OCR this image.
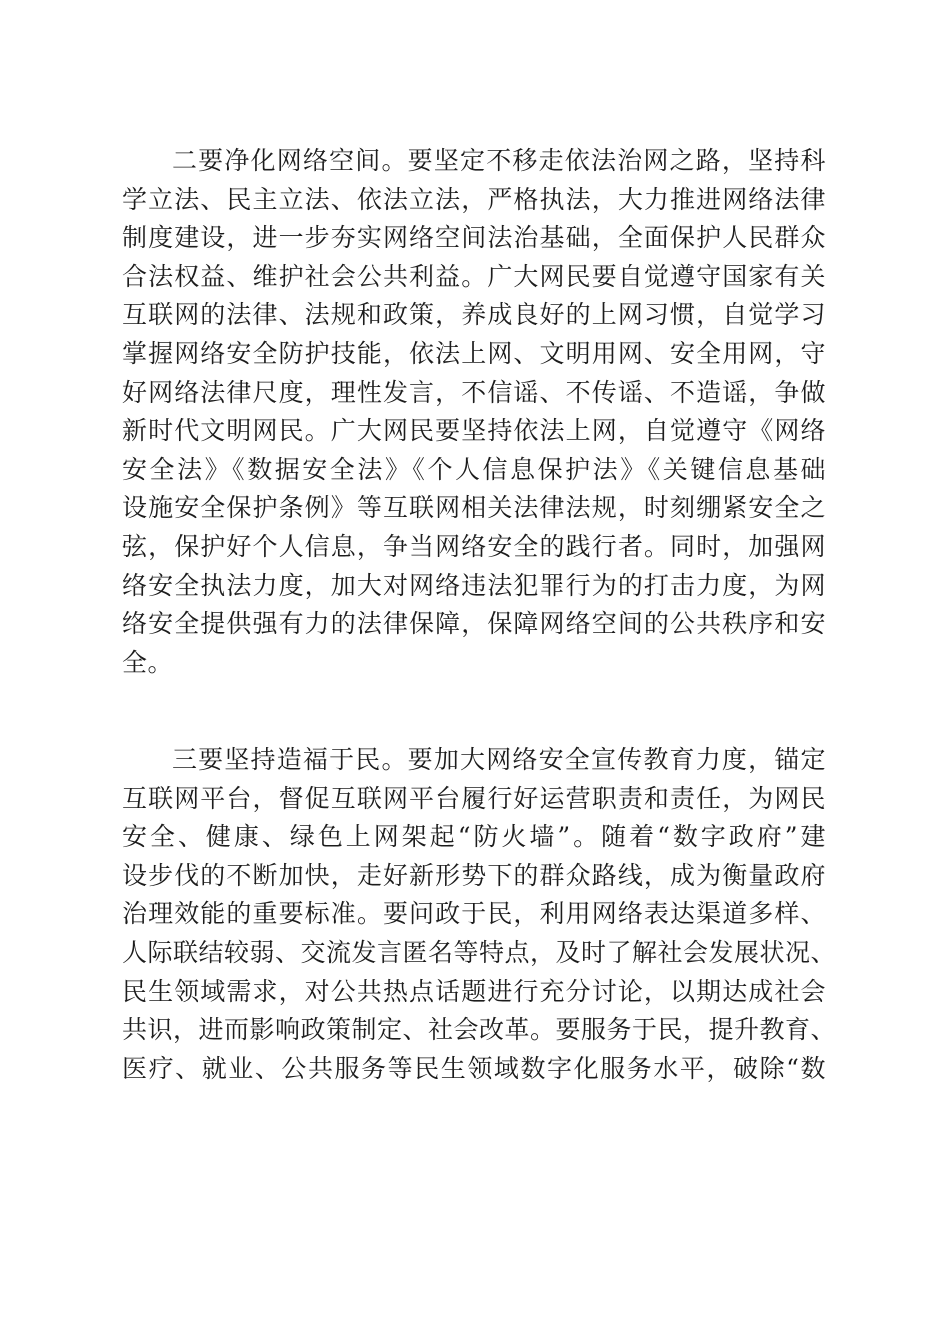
二要净化网络空间。要坚定不移走依法治网之路，坚持科
学立法、民主立法、依法立法，严格执法，大力推进网络法律
制度建设，进一步夯实网络空间法治基础，全面保护人民群众
合法权益、维护社会公共利益。广大网民要自觉遵守国家有关
互联网的法律、法规和政策，养成良好的上网习惯，自觉学习
掌握网络安全防护技能，依法上网、文明用网、安全用网，守
好网络法律尺度，理性发言，不信谣、不传谣、不造谣，争做
新时代文明网民。广大网民要坚持依法上网，自觉遵守《网络
安全法》《数据安全法》《个人信息保护法》《关键信息基础
设施安全保护条例》等互联网相关法律法规，时刻绷紧安全之
弦，保护好个人信息，争当网络安全的践行者。同时，加强网
络安全执法力度，加大对网络违法犯罪行为的打击力度，为网
络安全提供强有力的法律保障，保障网络空间的公共秩序和安
全。
三要坚持造福于民。要加大网络安全宣传教育力度，锚定
互联网平台，督促互联网平台履行好运营职责和责任，为网民
安全、健康、绿色上网架起“防火墙”。随着“数字政府”建
设步伐的不断加快，走好新形势下的群众路线，成为衡量政府
治理效能的重要标准。要问政于民，利用网络表达渠道多样、
人际联结较弱、交流发言匿名等特点，及时了解社会发展状况、
民生领域需求，对公共热点话题进行充分讨论，以期达成社会
共识，进而影响政策制定、社会改革。要服务于民，提升教育、
医疗、就业、公共服务等民生领域数字化服务水平，破除“数
